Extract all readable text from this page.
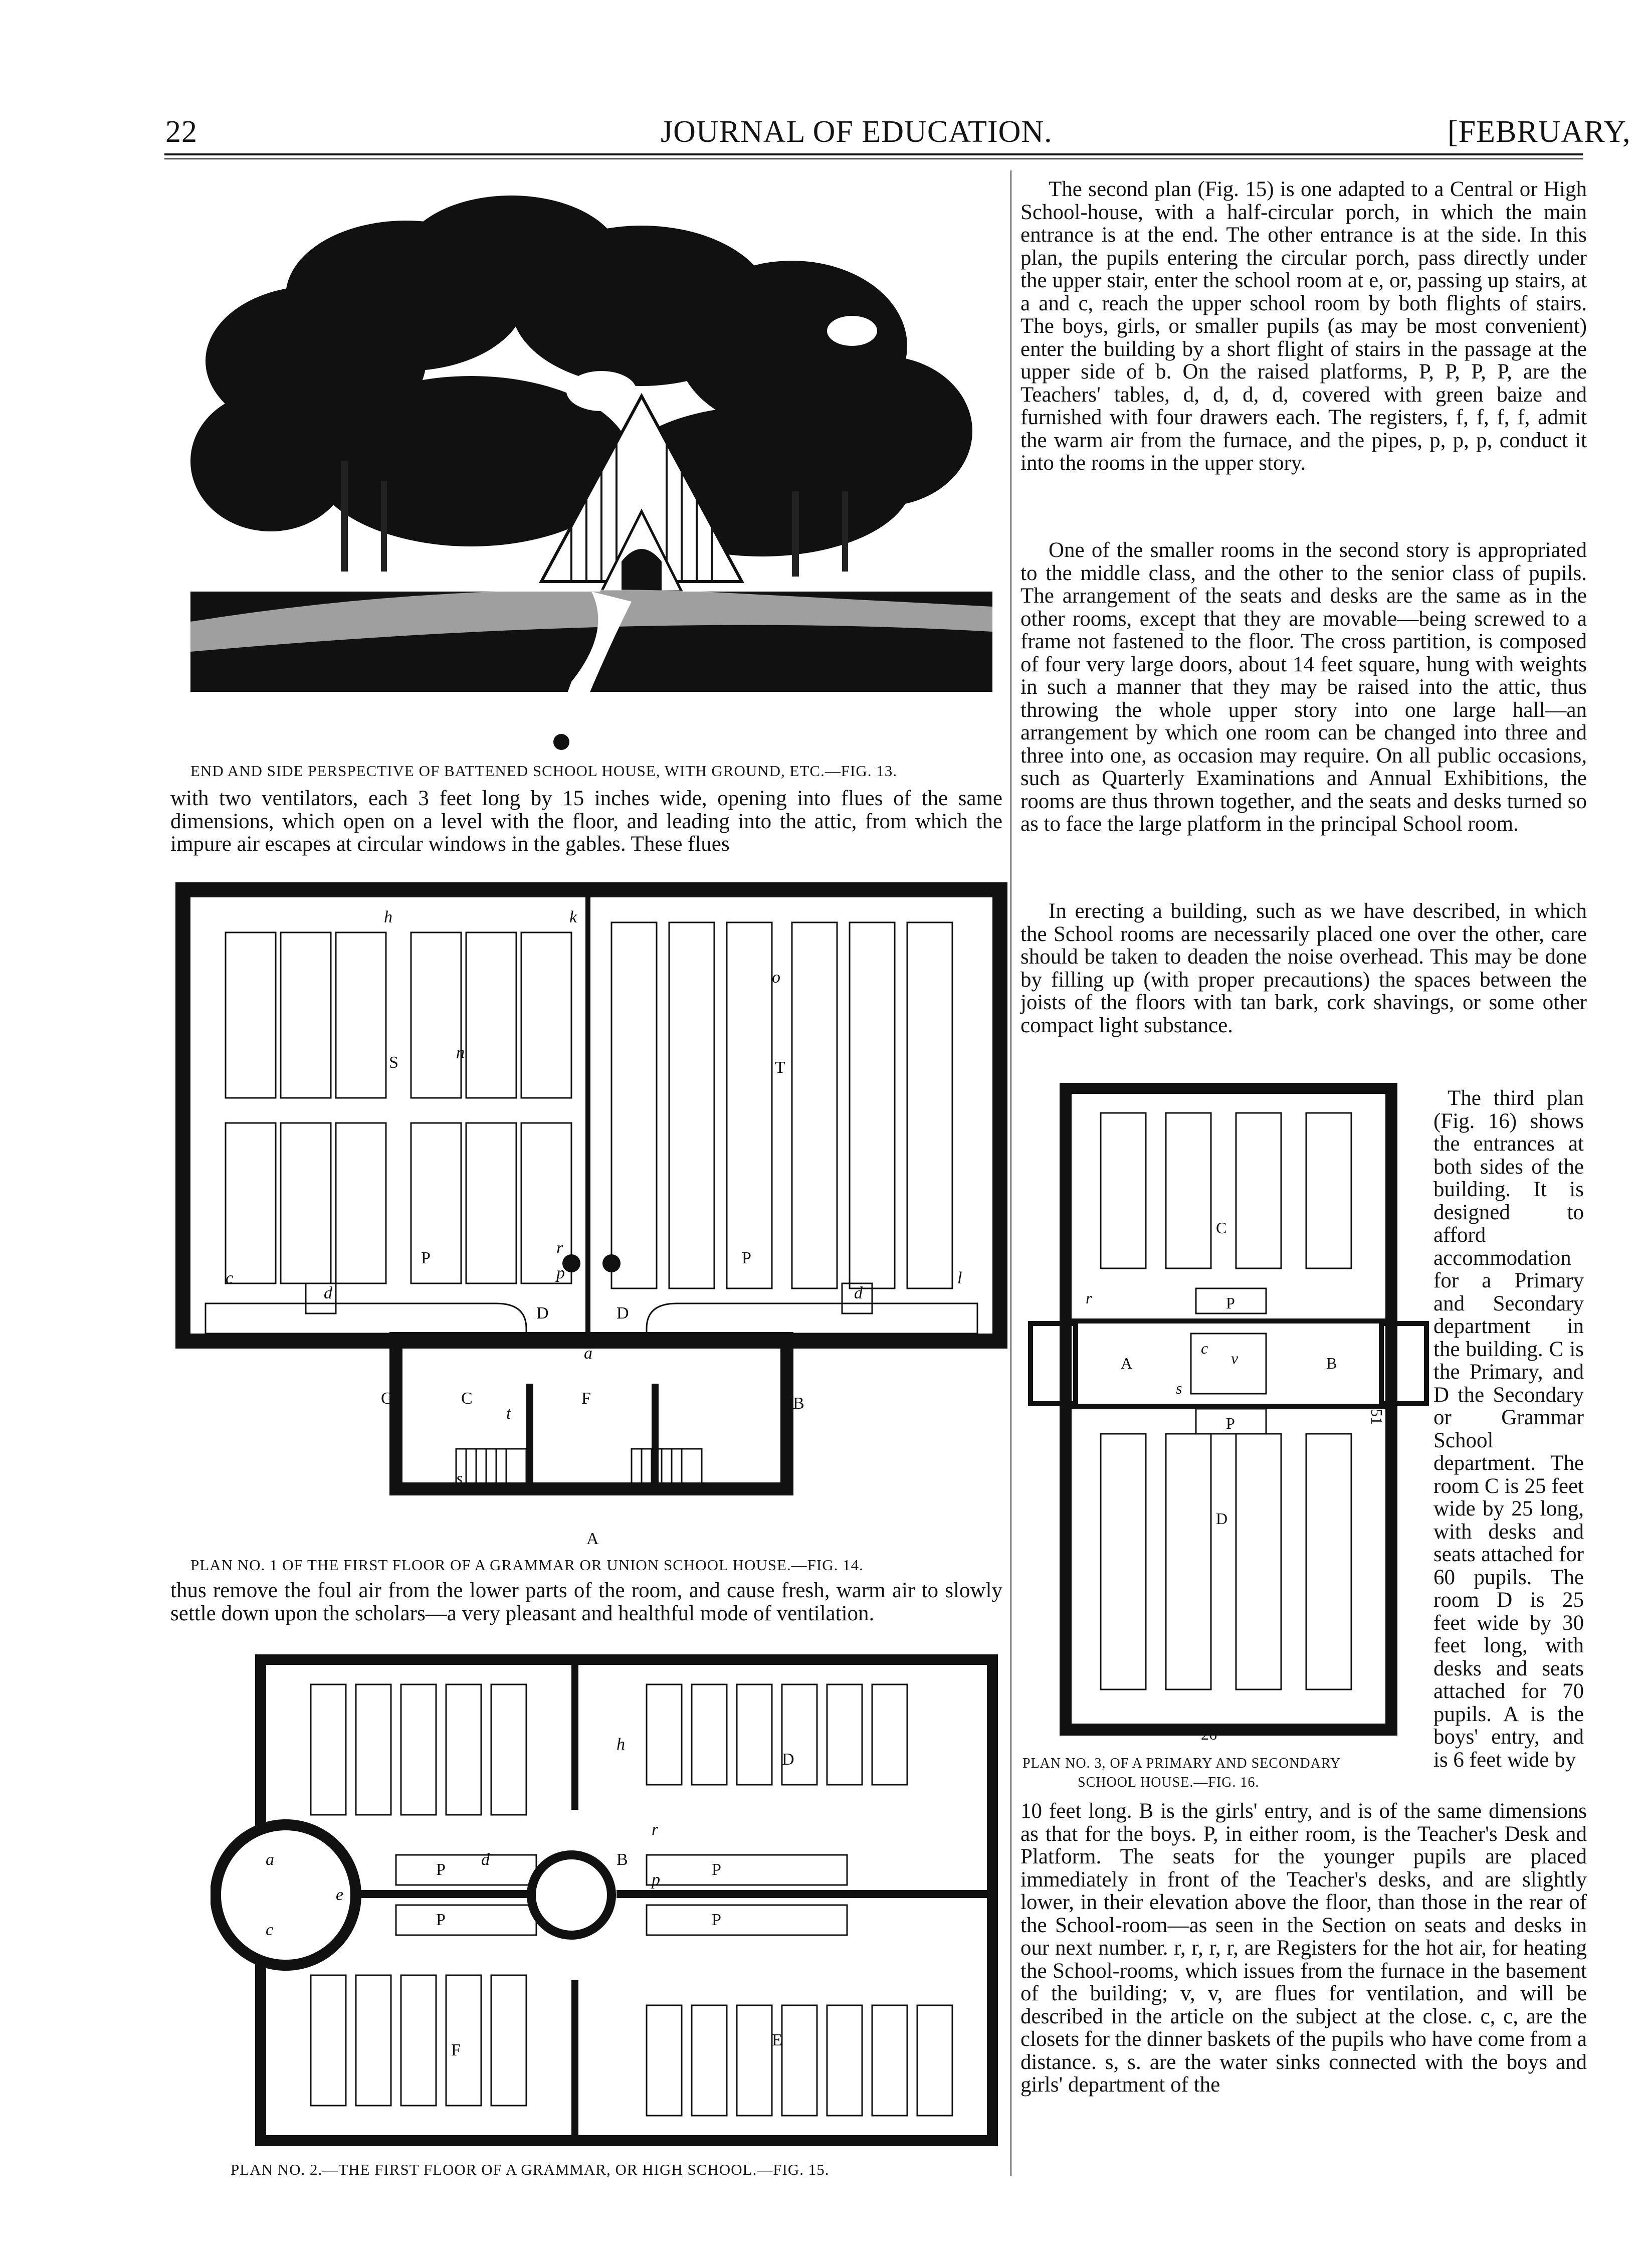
22	JOURNAL OF EDUCATION.	[FEBRUARY,
END AND SIDE PERSPECTIVE OF BATTENED SCHOOL HOUSE, WITH GROUND, ETC.—FIG. 13.
with two ventilators, each 3 feet long by 15 inches wide, opening into flues of the same dimensions, which open on a level with the floor, and leading into the attic, from which the impure air escapes at circular windows in the gables. These flues
S	T
P	P
D	D
a
C	F
G	B
A
d	d
r
p
s
t
h	k
n
o
l
c
PLAN NO. 1 OF THE FIRST FLOOR OF A GRAMMAR OR UNION SCHOOL HOUSE.—FIG. 14.
thus remove the foul air from the lower parts of the room, and cause fresh, warm air to slowly settle down upon the scholars—a very pleasant and healthful mode of ventilation.
P
P
P
P
d	B
D
E
F
r
p
a
c
e
h
PLAN NO. 2.—THE FIRST FLOOR OF A GRAMMAR, OR HIGH SCHOOL.—FIG. 15.
The second plan (Fig. 15) is one adapted to a Central or High School-house, with a half-circular porch, in which the main entrance is at the end. The other entrance is at the side. In this plan, the pupils entering the circular porch, pass directly under the upper stair, enter the school room at e, or, passing up stairs, at a and c, reach the upper school room by both flights of stairs. The boys, girls, or smaller pupils (as may be most convenient) enter the building by a short flight of stairs in the passage at the upper side of b. On the raised platforms, P, P, P, P, are the Teachers' tables, d, d, d, d, covered with green baize and furnished with four drawers each. The registers, f, f, f, f, admit the warm air from the furnace, and the pipes, p, p, p, conduct it into the rooms in the upper story.
One of the smaller rooms in the second story is appropriated to the middle class, and the other to the senior class of pupils. The arrangement of the seats and desks are the same as in the other rooms, except that they are movable—being screwed to a frame not fastened to the floor. The cross partition, is composed of four very large doors, about 14 feet square, hung with weights in such a manner that they may be raised into the attic, thus throwing the whole upper story into one large hall—an arrangement by which one room can be changed into three and three into one, as occasion may require. On all public occasions, such as Quarterly Examinations and Annual Exhibitions, the rooms are thus thrown together, and the seats and desks turned so as to face the large platform in the principal School room.
In erecting a building, such as we have described, in which the School rooms are necessarily placed one over the other, care should be taken to deaden the noise overhead. This may be done by filling up (with proper precautions) the spaces between the joists of the floors with tan bark, cork shavings, or some other compact light substance.
C
D
A	B
P
P
r
c
s
v
26
51
PLAN NO. 3, OF A PRIMARY AND SECONDARY
SCHOOL HOUSE.—FIG. 16.
The third plan (Fig. 16) shows the entrances at both sides of the building. It is designed to afford accommodation for a Primary and Secondary department in the building. C is the Primary, and D the Secondary or Grammar School department. The room C is 25 feet wide by 25 long, with desks and seats attached for 60 pupils. The room D is 25 feet wide by 30 feet long, with desks and seats attached for 70 pupils. A is the boys' entry, and is 6 feet wide by
10 feet long. B is the girls' entry, and is of the same dimensions as that for the boys. P, in either room, is the Teacher's Desk and Platform. The seats for the younger pupils are placed immediately in front of the Teacher's desks, and are slightly lower, in their elevation above the floor, than those in the rear of the School-room—as seen in the Section on seats and desks in our next number. r, r, r, r, are Registers for the hot air, for heating the School-rooms, which issues from the furnace in the basement of the building; v, v, are flues for ventilation, and will be described in the article on the subject at the close. c, c, are the closets for the dinner baskets of the pupils who have come from a distance. s, s. are the water sinks connected with the boys and girls' department of the
